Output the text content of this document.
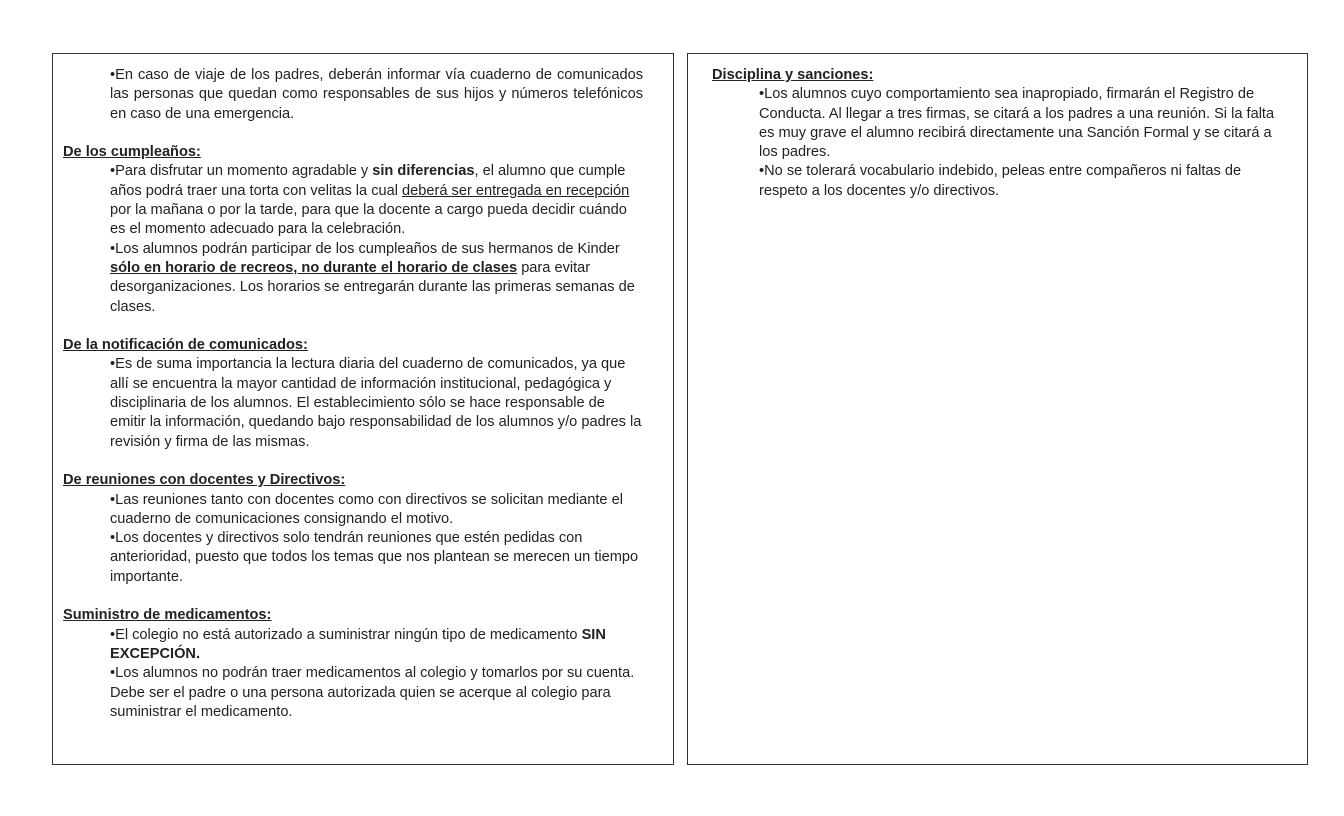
•En caso de viaje de los padres, deberán informar vía cuaderno de comunicados las personas que quedan como responsables de sus hijos y números telefónicos en caso de una emergencia.

De los cumpleaños:

•Para disfrutar un momento agradable y sin diferencias, el alumno que cumple años podrá traer una torta con velitas la cual deberá ser entregada en recepción por la mañana o por la tarde, para que la docente a cargo pueda decidir cuándo es el momento adecuado para la celebración.

•Los alumnos podrán participar de los cumpleaños de sus hermanos de Kinder sólo en horario de recreos, no durante el horario de clases para evitar desorganizaciones. Los horarios se entregarán durante las primeras semanas de clases.

De la notificación de comunicados:

•Es de suma importancia la lectura diaria del cuaderno de comunicados, ya que allí se encuentra la mayor cantidad de información institucional, pedagógica y disciplinaria de los alumnos. El establecimiento sólo se hace responsable de emitir la información, quedando bajo responsabilidad de los alumnos y/o padres la revisión y firma de las mismas.

De reuniones con docentes y Directivos:

•Las reuniones tanto con docentes como con directivos se solicitan mediante el cuaderno de comunicaciones consignando el motivo.

•Los docentes y directivos solo tendrán reuniones que estén pedidas con anterioridad, puesto que todos los temas que nos plantean se merecen un tiempo importante.

Suministro de medicamentos:

•El colegio no está autorizado a suministrar ningún tipo de medicamento SIN EXCEPCIÓN.

•Los alumnos no podrán traer medicamentos al colegio y tomarlos por su cuenta. Debe ser el padre o una persona autorizada quien se acerque al colegio para suministrar el medicamento.

Disciplina y sanciones:

•Los alumnos cuyo comportamiento sea inapropiado, firmarán el Registro de Conducta. Al llegar a tres firmas, se citará a los padres a una reunión. Si la falta es muy grave el alumno recibirá directamente una Sanción Formal y se citará a los padres.

•No se tolerará vocabulario indebido, peleas entre compañeros ni faltas de respeto a los docentes y/o directivos.
